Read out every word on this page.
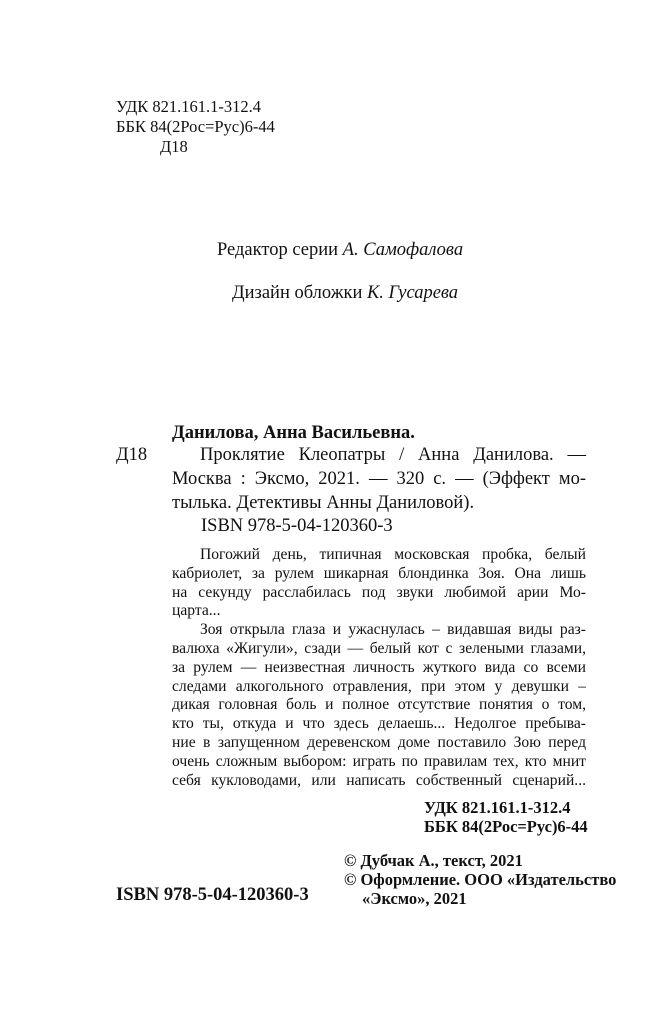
УДК 821.161.1-312.4
ББК 84(2Рос=Рус)6-44
Д18
Редактор серии А. Самофалова
Дизайн обложки К. Гусарева
Данилова, Анна Васильевна.
Д18	Проклятие Клеопатры / Анна Данилова. —
Москва : Эксмо, 2021. — 320 с. — (Эффект мо-
тылька. Детективы Анны Даниловой).
ISBN 978-5-04-120360-3
Погожий день, типичная московская пробка, белый
кабриолет, за рулем шикарная блондинка Зоя. Она лишь
на секунду расслабилась под звуки любимой арии Мо-
царта...
Зоя открыла глаза и ужаснулась – видавшая виды раз-
валюха «Жигули», сзади — белый кот с зелеными глазами,
за рулем — неизвестная личность жуткого вида со всеми
следами алкогольного отравления, при этом у девушки –
дикая головная боль и полное отсутствие понятия о том,
кто ты, откуда и что здесь делаешь... Недолгое пребыва-
ние в запущенном деревенском доме поставило Зою перед
очень сложным выбором: играть по правилам тех, кто мнит
себя кукловодами, или написать собственный сценарий...
УДК 821.161.1-312.4
ББК 84(2Рос=Рус)6-44
© Дубчак А., текст, 2021
© Оформление. ООО «Издательство
«Эксмо», 2021
ISBN 978-5-04-120360-3
